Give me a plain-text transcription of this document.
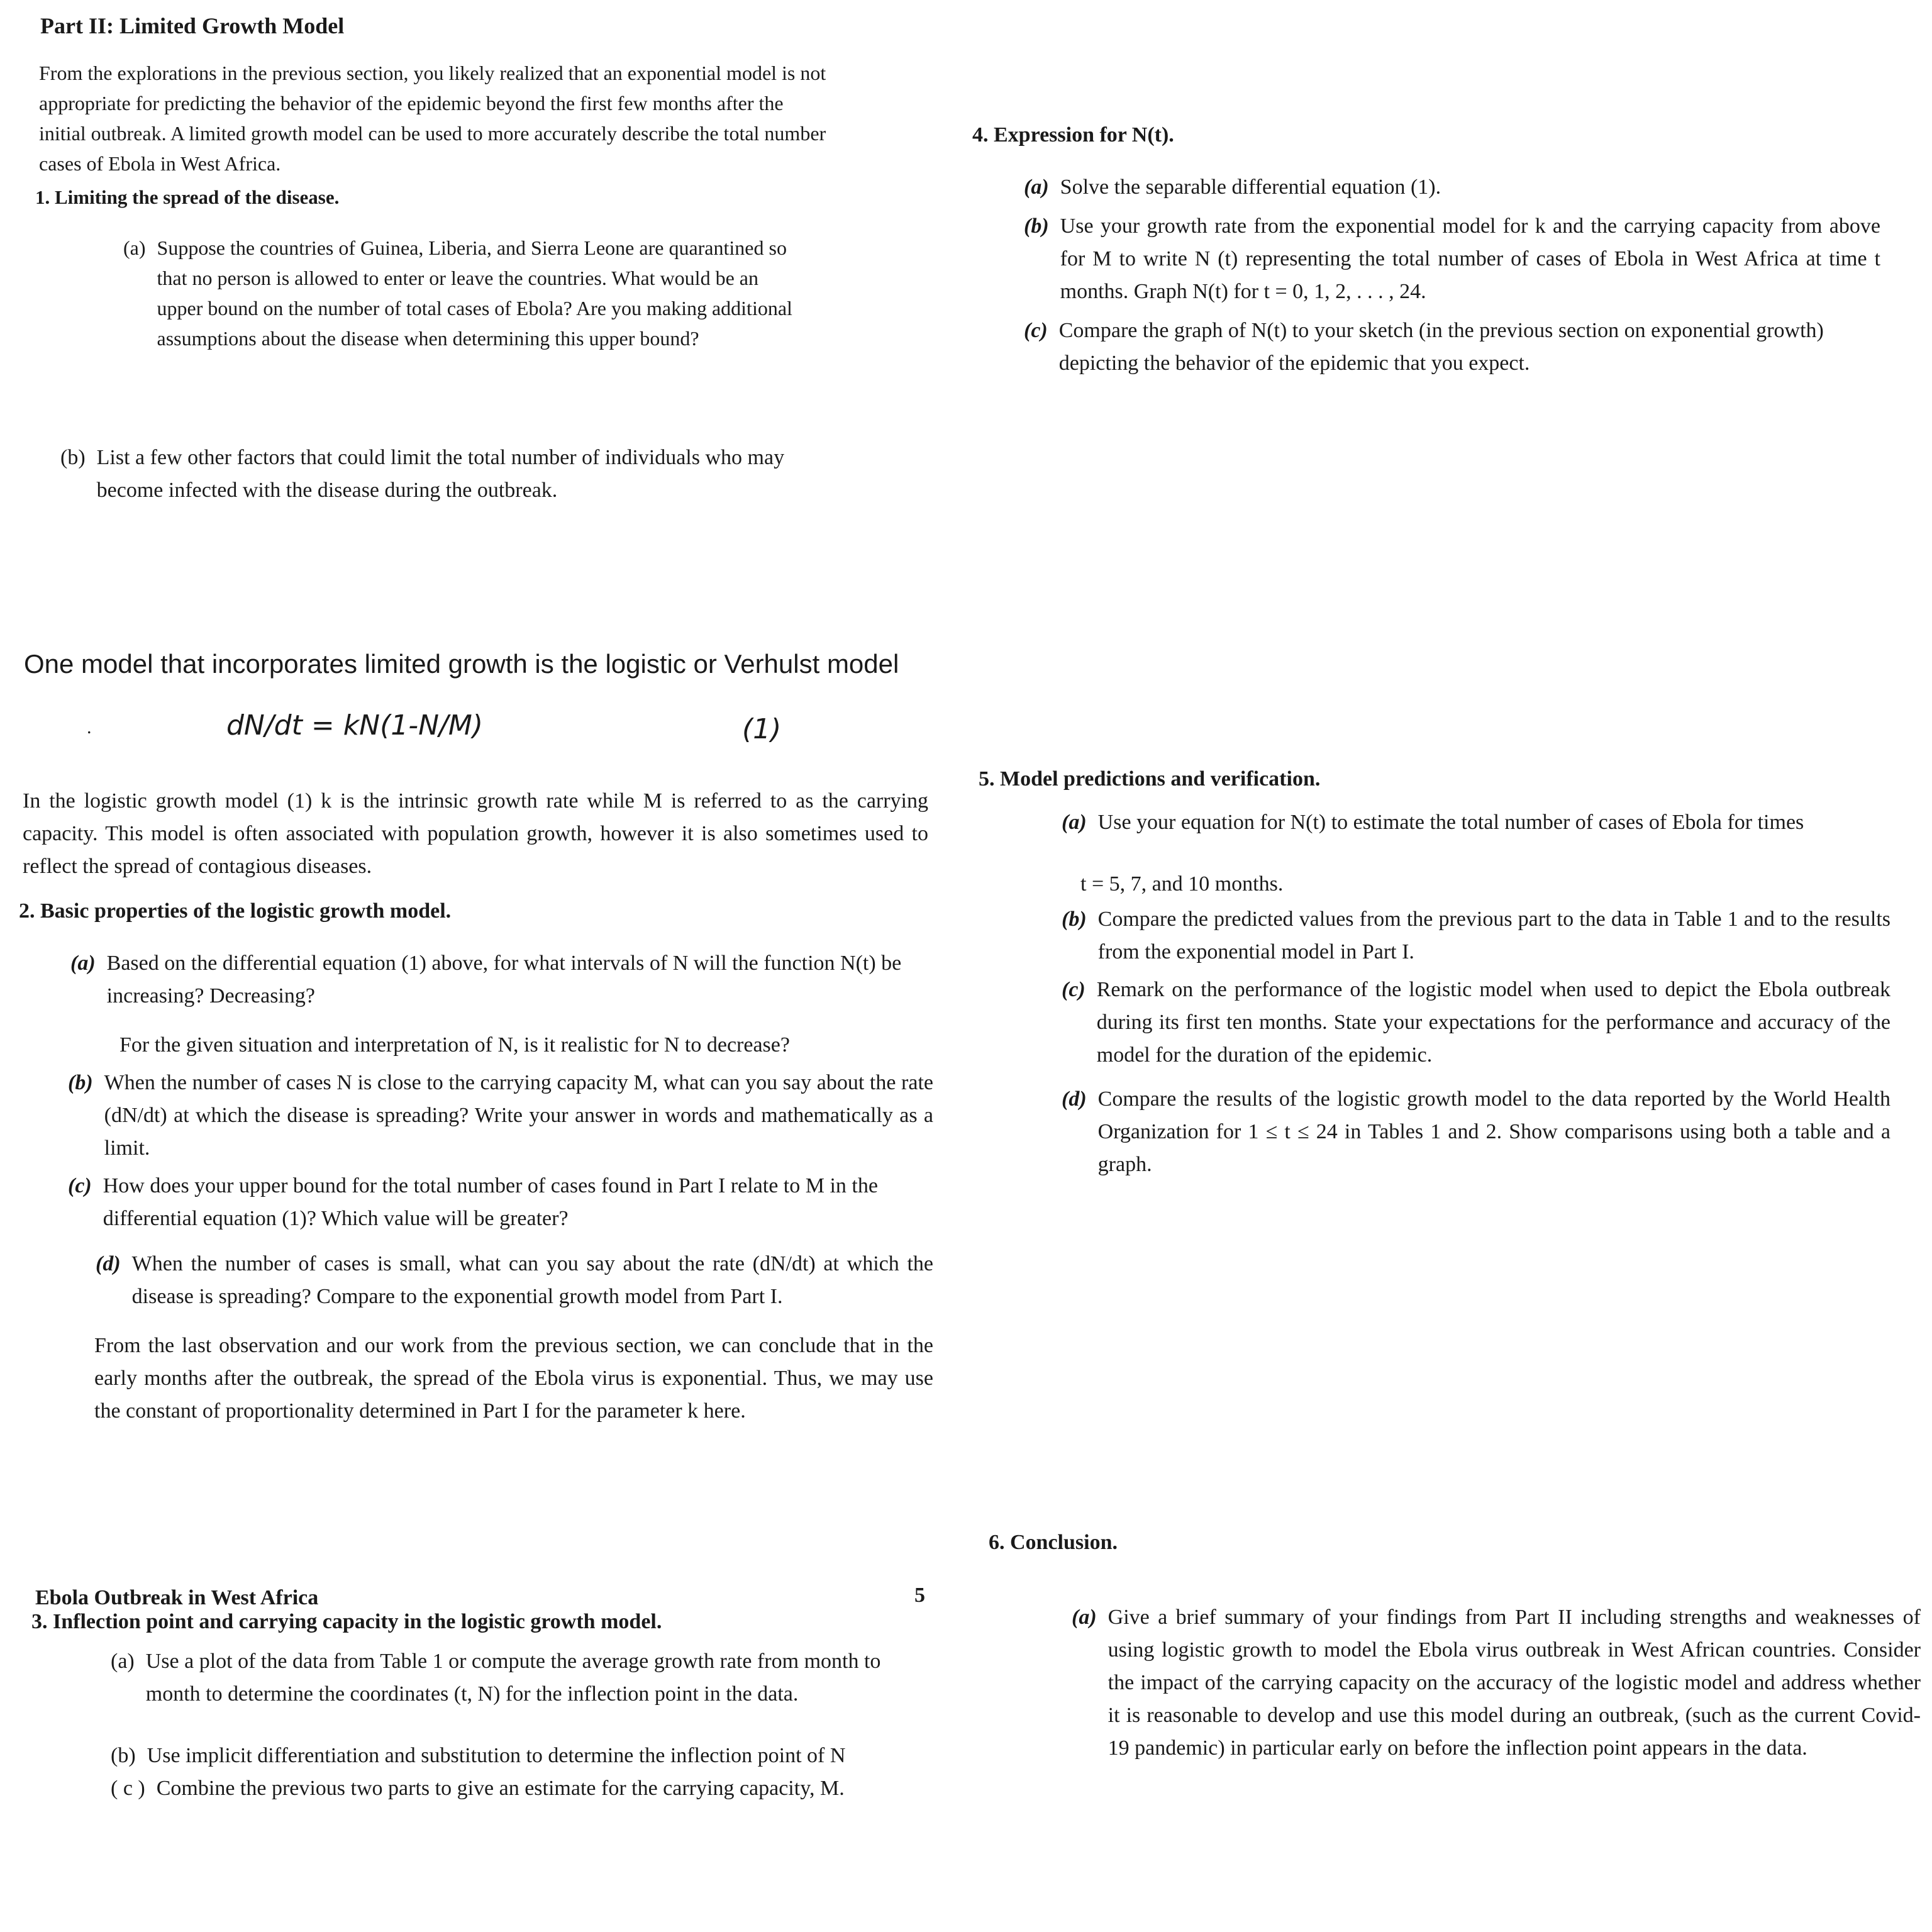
Part II: Limited Growth Model

From the explorations in the previous section, you likely realized that an exponential model is not appropriate for predicting the behavior of the epidemic beyond the first few months after the initial outbreak. A limited growth model can be used to more accurately describe the total number cases of Ebola in West Africa.

1. Limiting the spread of the disease.
(a) Suppose the countries of Guinea, Liberia, and Sierra Leone are quarantined so that no person is allowed to enter or leave the countries. What would be an upper bound on the number of total cases of Ebola? Are you making additional assumptions about the disease when determining this upper bound?
(b) List a few other factors that could limit the total number of individuals who may become infected with the disease during the outbreak.
One model that incorporates limited growth is the logistic or Verhulst model
.	dN/dt = kN(1-N/M)	(1)

In the logistic growth model (1) k is the intrinsic growth rate while M is referred to as the carrying capacity. This model is often associated with population growth, however it is also sometimes used to reflect the spread of contagious diseases.

2. Basic properties of the logistic growth model.
(a) Based on the differential equation (1) above, for what intervals of N will the function N(t) be increasing? Decreasing?
For the given situation and interpretation of N, is it realistic for N to decrease?
(b) When the number of cases N is close to the carrying capacity M, what can you say about the rate (dN/dt) at which the disease is spreading? Write your answer in words and mathematically as a limit.
(c) How does your upper bound for the total number of cases found in Part I relate to M in the differential equation (1)? Which value will be greater?
(d) When the number of cases is small, what can you say about the rate (dN/dt) at which the disease is spreading? Compare to the exponential growth model from Part I.

From the last observation and our work from the previous section, we can conclude that in the early months after the outbreak, the spread of the Ebola virus is exponential. Thus, we may use the constant of proportionality determined in Part I for the parameter k here.

Ebola Outbreak in West Africa	5
3. Inflection point and carrying capacity in the logistic growth model.
(a) Use a plot of the data from Table 1 or compute the average growth rate from month to month to determine the coordinates (t, N) for the inflection point in the data.
(b) Use implicit differentiation and substitution to determine the inflection point of N
( c ) Combine the previous two parts to give an estimate for the carrying capacity, M.
4. Expression for N(t).
(a) Solve the separable differential equation (1).
(b) Use your growth rate from the exponential model for k and the carrying capacity from above for M to write N (t) representing the total number of cases of Ebola in West Africa at time t months. Graph N(t) for t = 0, 1, 2, . . . , 24.
(c) Compare the graph of N(t) to your sketch (in the previous section on exponential growth) depicting the behavior of the epidemic that you expect.
5. Model predictions and verification.
(a) Use your equation for N(t) to estimate the total number of cases of Ebola for times
t = 5, 7, and 10 months.
(b) Compare the predicted values from the previous part to the data in Table 1 and to the results from the exponential model in Part I.
(c) Remark on the performance of the logistic model when used to depict the Ebola outbreak during its first ten months. State your expectations for the performance and accuracy of the model for the duration of the epidemic.
(d) Compare the results of the logistic growth model to the data reported by the World Health Organization for 1 ≤ t ≤ 24 in Tables 1 and 2. Show comparisons using both a table and a graph.
6. Conclusion.
(a) Give a brief summary of your findings from Part II including strengths and weaknesses of using logistic growth to model the Ebola virus outbreak in West African countries. Consider the impact of the carrying capacity on the accuracy of the logistic model and address whether it is reasonable to develop and use this model during an outbreak, (such as the current Covid-19 pandemic) in particular early on before the inflection point appears in the data.
